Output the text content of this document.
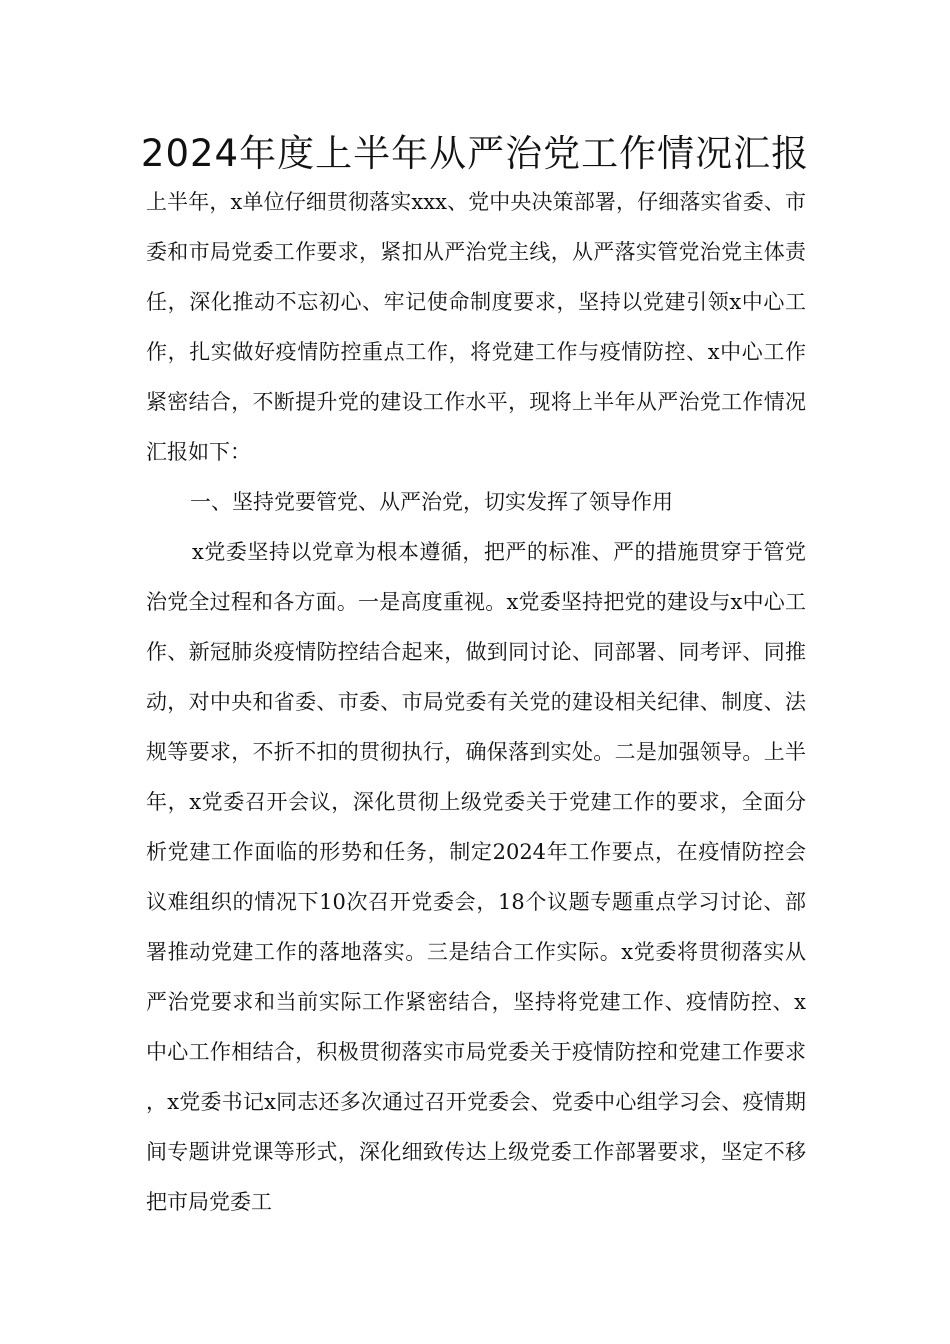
2024年度上半年从严治党工作情况汇报

上半年，x单位仔细贯彻落实xxx、党中央决策部署，仔细落实省委、市委和市局党委工作要求，紧扣从严治党主线，从严落实管党治党主体责任，深化推动不忘初心、牢记使命制度要求，坚持以党建引领x中心工作，扎实做好疫情防控重点工作，将党建工作与疫情防控、x中心工作紧密结合，不断提升党的建设工作水平，现将上半年从严治党工作情况汇报如下：

一、坚持党要管党、从严治党，切实发挥了领导作用

x党委坚持以党章为根本遵循，把严的标准、严的措施贯穿于管党治党全过程和各方面。一是高度重视。x党委坚持把党的建设与x中心工作、新冠肺炎疫情防控结合起来，做到同讨论、同部署、同考评、同推动，对中央和省委、市委、市局党委有关党的建设相关纪律、制度、法规等要求，不折不扣的贯彻执行，确保落到实处。二是加强领导。上半年，x党委召开会议，深化贯彻上级党委关于党建工作的要求，全面分析党建工作面临的形势和任务，制定2024年工作要点，在疫情防控会议难组织的情况下10次召开党委会，18个议题专题重点学习讨论、部署推动党建工作的落地落实。三是结合工作实际。x党委将贯彻落实从严治党要求和当前实际工作紧密结合，坚持将党建工作、疫情防控、x中心工作相结合，积极贯彻落实市局党委关于疫情防控和党建工作要求，x党委书记x同志还多次通过召开党委会、党委中心组学习会、疫情期间专题讲党课等形式，深化细致传达上级党委工作部署要求，坚定不移把市局党委工
